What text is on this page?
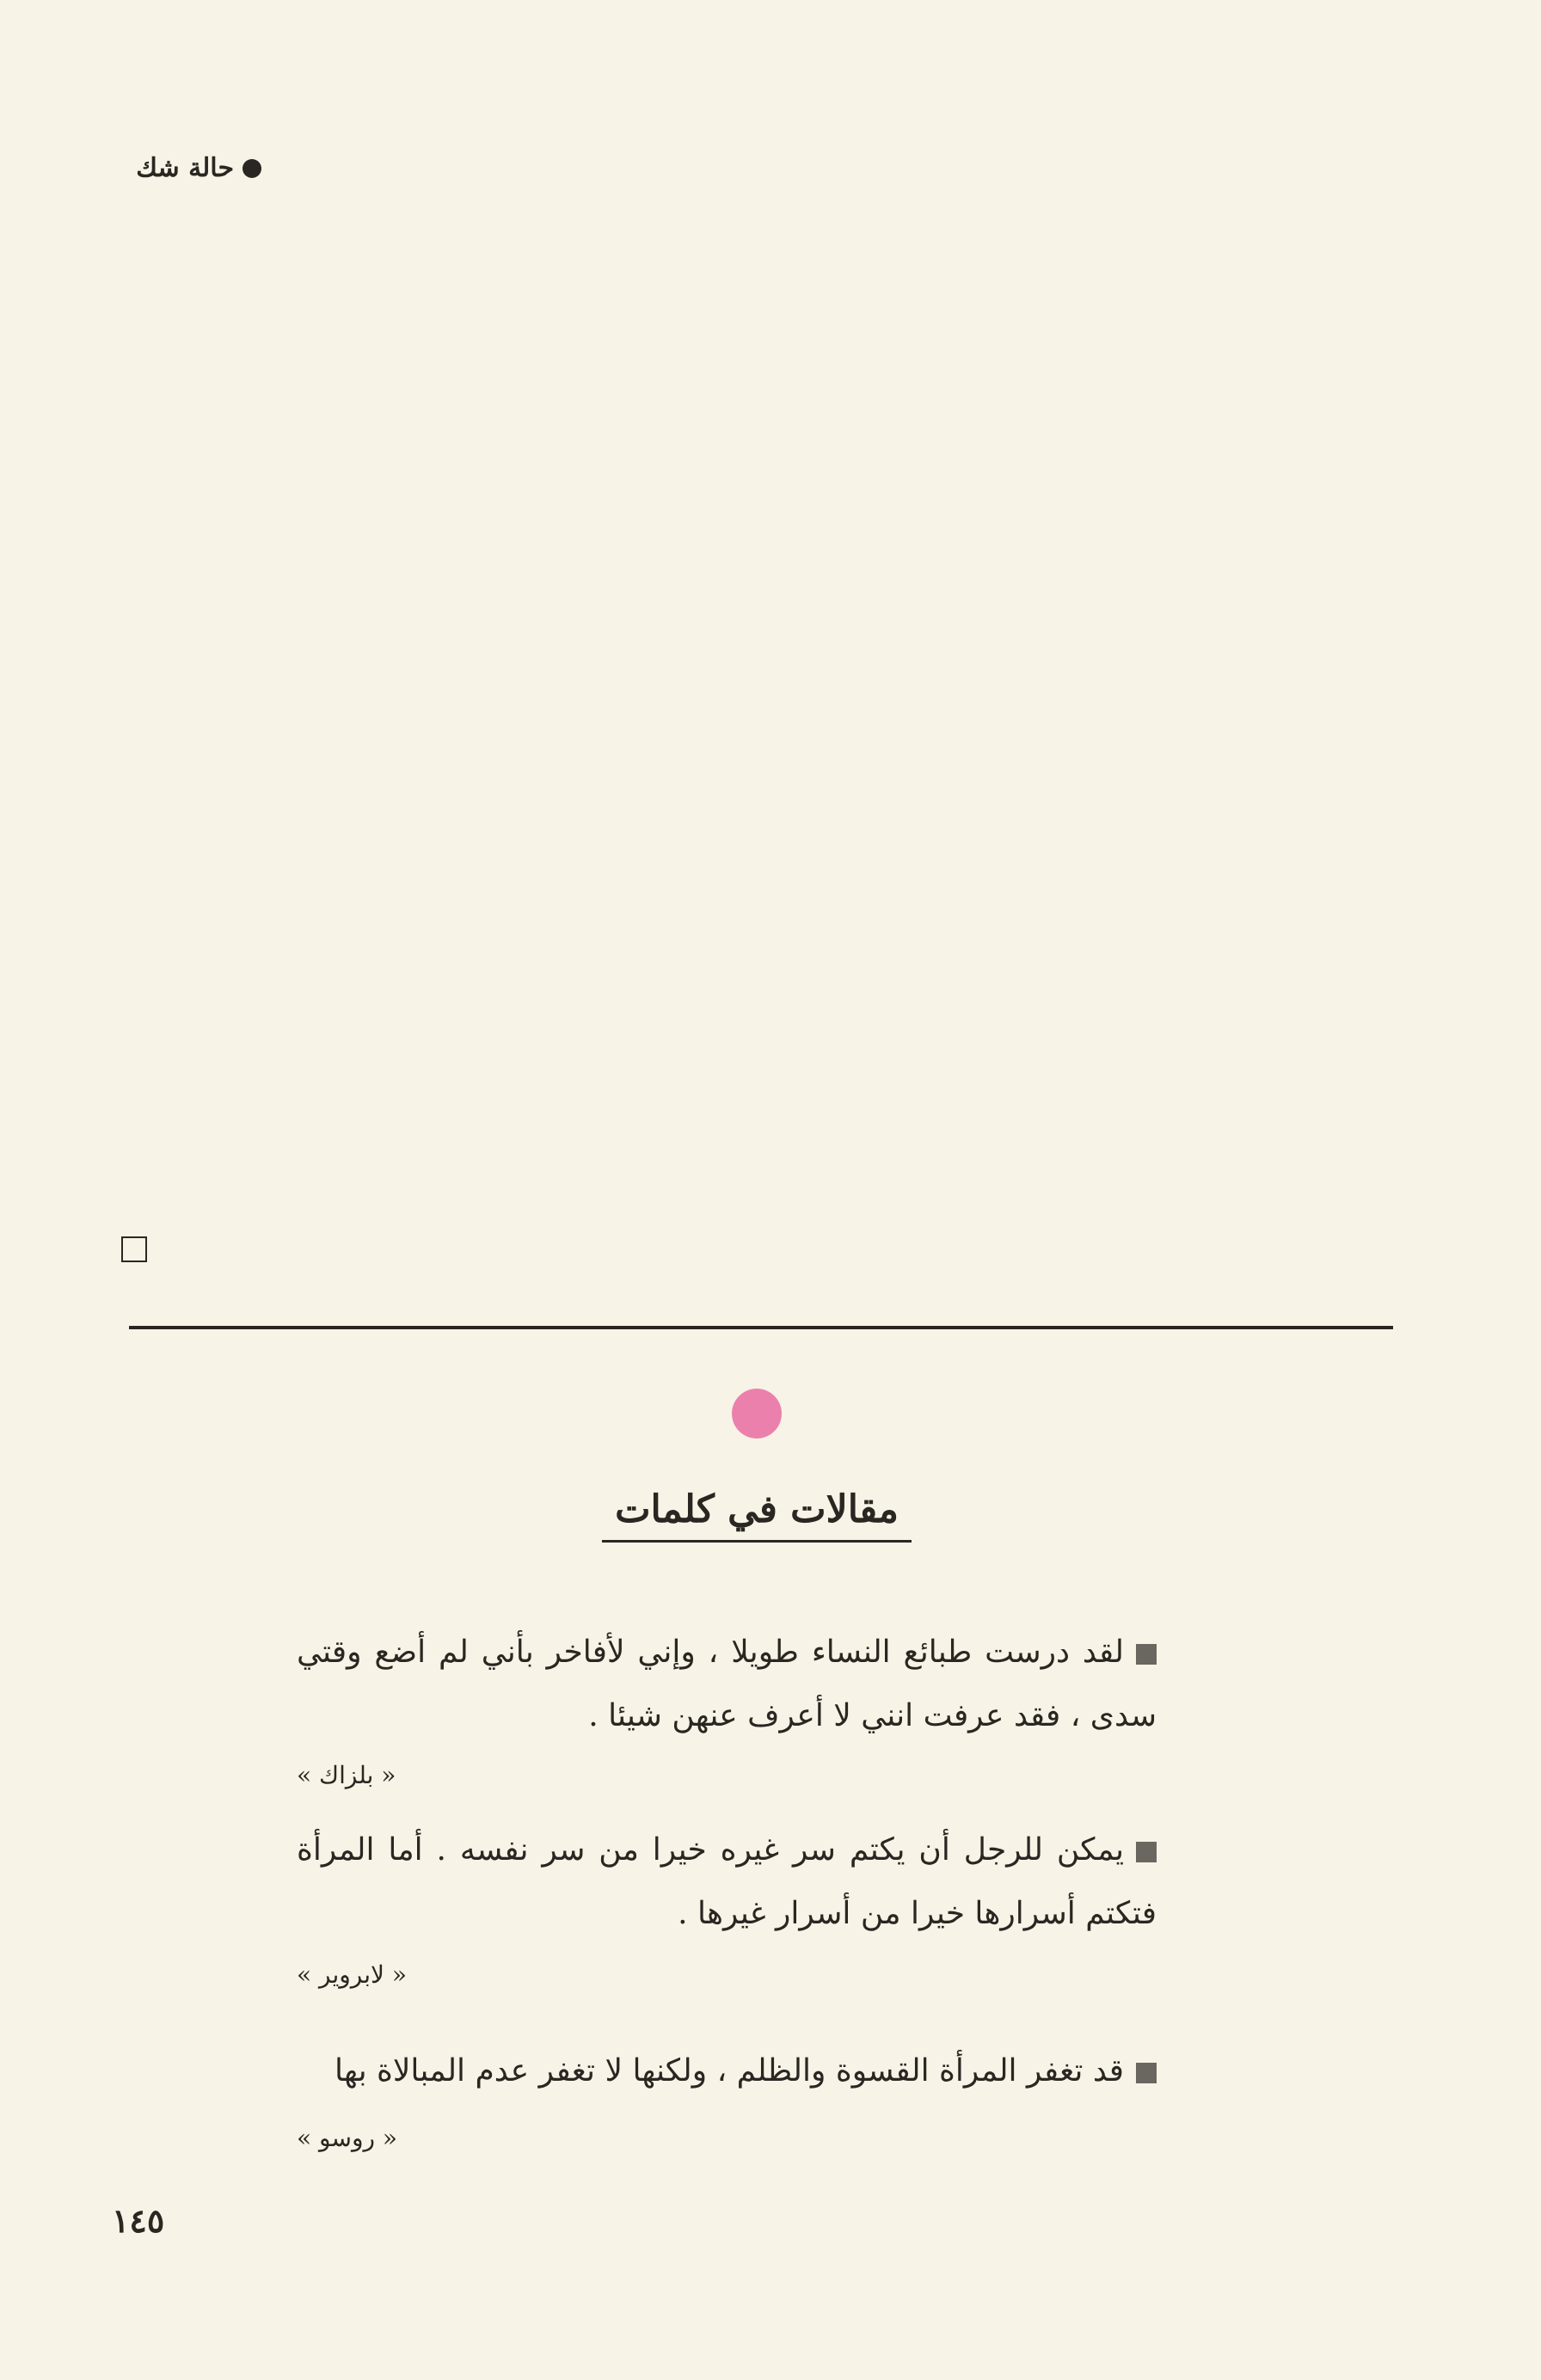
حالة شك
مقالات في كلمات
لقد درست طبائع النساء طويلا ، وإني لأفاخر بأني لم أضع وقتي سدى ، فقد عرفت انني لا أعرف عنهن شيئا .
« بلزاك »
يمكن للرجل أن يكتم سر غيره خيرا من سر نفسه . أما المرأة فتكتم أسرارها خيرا من أسرار غيرها .
« لابروير »
قد تغفر المرأة القسوة والظلم ، ولكنها لا تغفر عدم المبالاة بها
« روسو »
١٤٥
